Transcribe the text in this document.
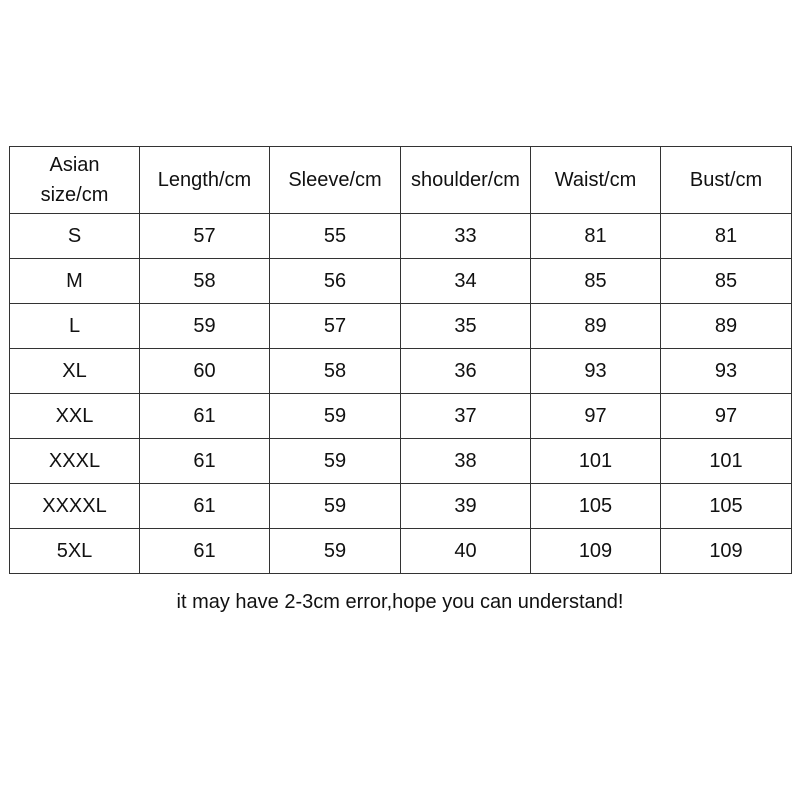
Asian size/cm	Length/cm	Sleeve/cm	shoulder/cm	Waist/cm	Bust/cm
S	57	55	33	81	81
M	58	56	34	85	85
L	59	57	35	89	89
XL	60	58	36	93	93
XXL	61	59	37	97	97
XXXL	61	59	38	101	101
XXXXL	61	59	39	105	105
5XL	61	59	40	109	109
it may have 2-3cm error,hope you can understand!
